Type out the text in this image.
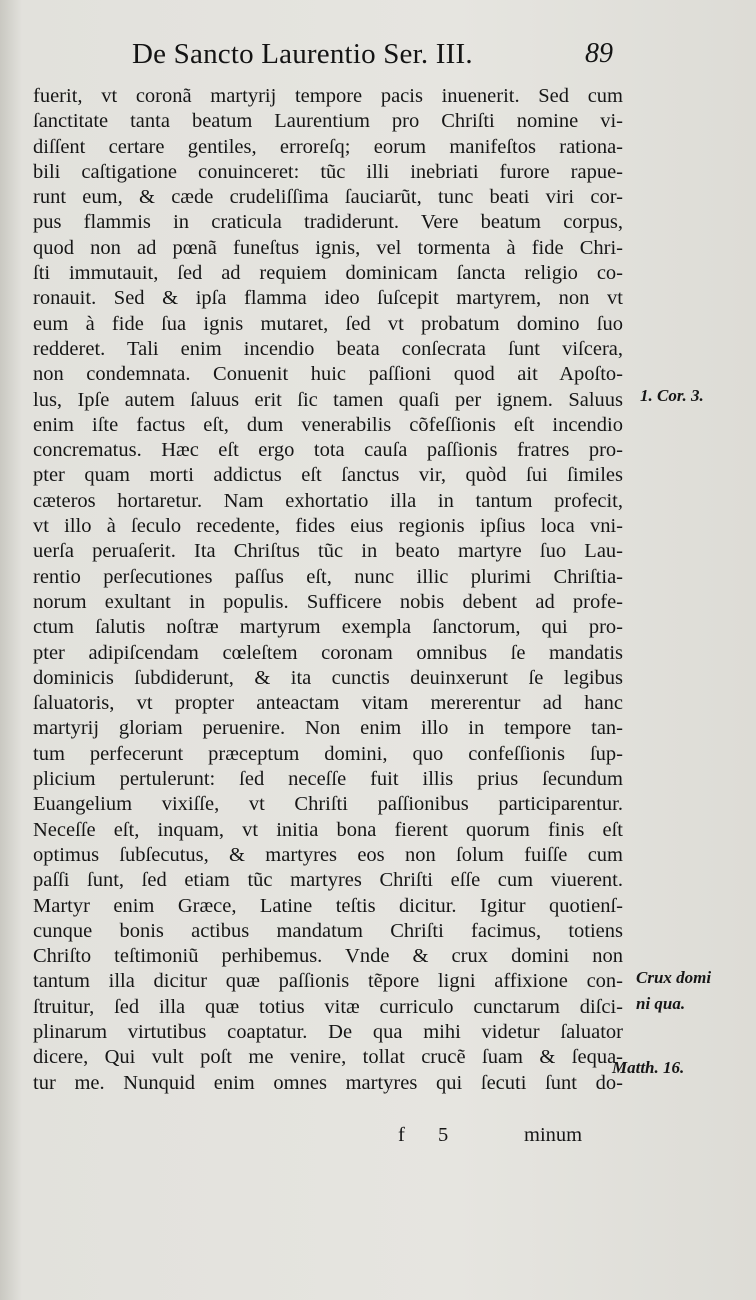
De Sancto Laurentio Ser. III.	89
fuerit, vt coronã martyrij tempore pacis inuenerit. Sed cum
ſanctitate tanta beatum Laurentium pro Chriſti nomine vi-
diſſent certare gentiles, erroreſq; eorum manifeſtos rationa-
bili caſtigatione conuinceret: tũc illi inebriati furore rapue-
runt eum, & cæde crudeliſſima ſauciarũt, tunc beati viri cor-
pus flammis in craticula tradiderunt. Vere beatum corpus,
quod non ad pœnã funeſtus ignis, vel tormenta à fide Chri-
ſti immutauit, ſed ad requiem dominicam ſancta religio co-
ronauit. Sed & ipſa flamma ideo ſuſcepit martyrem, non vt
eum à fide ſua ignis mutaret, ſed vt probatum domino ſuo
redderet. Tali enim incendio beata conſecrata ſunt viſcera,
non condemnata. Conuenit huic paſſioni quod ait Apoſto-
lus, Ipſe autem ſaluus erit ſic tamen quaſi per ignem. Saluus
enim iſte factus eſt, dum venerabilis cõfeſſionis eſt incendio
concrematus. Hæc eſt ergo tota cauſa paſſionis fratres pro-
pter quam morti addictus eſt ſanctus vir, quòd ſui ſimiles
cæteros hortaretur. Nam exhortatio illa in tantum profecit,
vt illo à ſeculo recedente, fides eius regionis ipſius loca vni-
uerſa peruaſerit. Ita Chriſtus tũc in beato martyre ſuo Lau-
rentio perſecutiones paſſus eſt, nunc illic plurimi Chriſtia-
norum exultant in populis. Sufficere nobis debent ad profe-
ctum ſalutis noſtræ martyrum exempla ſanctorum, qui pro-
pter adipiſcendam cœleſtem coronam omnibus ſe mandatis
dominicis ſubdiderunt, & ita cunctis deuinxerunt ſe legibus
ſaluatoris, vt propter anteactam vitam mererentur ad hanc
martyrij gloriam peruenire. Non enim illo in tempore tan-
tum perfecerunt præceptum domini, quo confeſſionis ſup-
plicium pertulerunt: ſed neceſſe fuit illis prius ſecundum
Euangelium vixiſſe, vt Chriſti paſſionibus participarentur.
Neceſſe eſt, inquam, vt initia bona fierent quorum finis eſt
optimus ſubſecutus, & martyres eos non ſolum fuiſſe cum
paſſi ſunt, ſed etiam tũc martyres Chriſti eſſe cum viuerent.
Martyr enim Græce, Latine teſtis dicitur. Igitur quotienſ-
cunque bonis actibus mandatum Chriſti facimus, totiens
Chriſto teſtimoniũ perhibemus. Vnde & crux domini non
tantum illa dicitur quæ paſſionis tẽpore ligni affixione con-
ſtruitur, ſed illa quæ totius vitæ curriculo cunctarum diſci-
plinarum virtutibus coaptatur. De qua mihi videtur ſaluator
dicere, Qui vult poſt me venire, tollat crucẽ ſuam & ſequa-
tur me. Nunquid enim omnes martyres qui ſecuti ſunt do-
1. Cor. 3.
Crux domi
ni qua.
Matth. 16.
f 5	minum
